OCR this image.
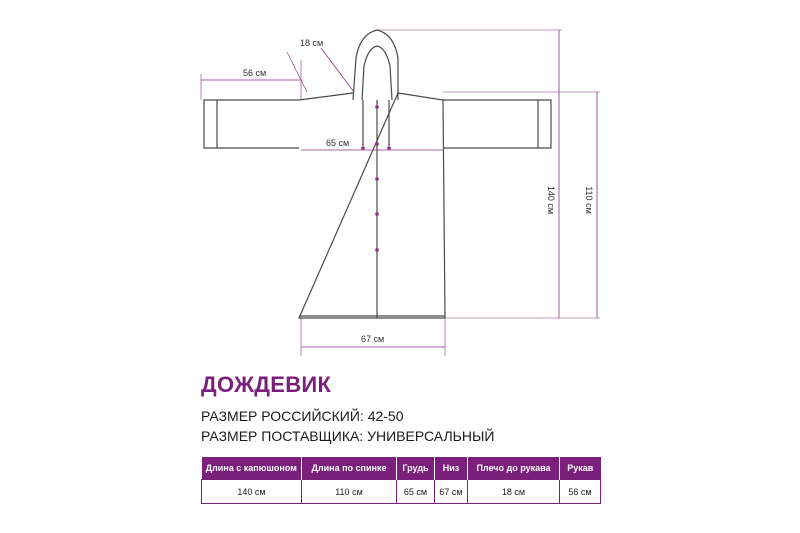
56 см
18 см
65 см
67 см
140 см	110 см
ДОЖДЕВИК
РАЗМЕР РОССИЙСКИЙ: 42-50
РАЗМЕР ПОСТАВЩИКА: УНИВЕРСАЛЬНЫЙ
Длина с капюшоном	Длина по спинке	Грудь	Низ	Плечо до рукава	Рукав
140 см	110 см	65 см	67 см	18 см	56 см
